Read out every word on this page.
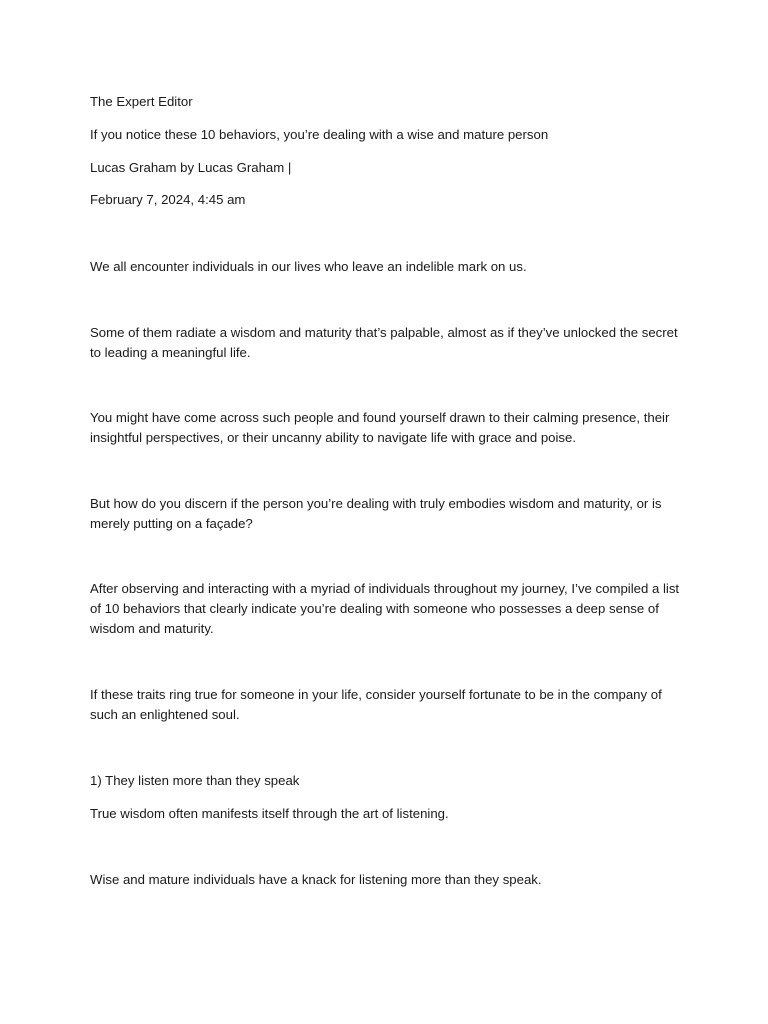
The Expert Editor

If you notice these 10 behaviors, you’re dealing with a wise and mature person

Lucas Graham by Lucas Graham |

February 7, 2024, 4:45 am

We all encounter individuals in our lives who leave an indelible mark on us.

Some of them radiate a wisdom and maturity that’s palpable, almost as if they’ve unlocked the secret to leading a meaningful life.

You might have come across such people and found yourself drawn to their calming presence, their insightful perspectives, or their uncanny ability to navigate life with grace and poise.

But how do you discern if the person you’re dealing with truly embodies wisdom and maturity, or is merely putting on a façade?

After observing and interacting with a myriad of individuals throughout my journey, I’ve compiled a list of 10 behaviors that clearly indicate you’re dealing with someone who possesses a deep sense of wisdom and maturity.

If these traits ring true for someone in your life, consider yourself fortunate to be in the company of such an enlightened soul.

1) They listen more than they speak

True wisdom often manifests itself through the art of listening.

Wise and mature individuals have a knack for listening more than they speak.
